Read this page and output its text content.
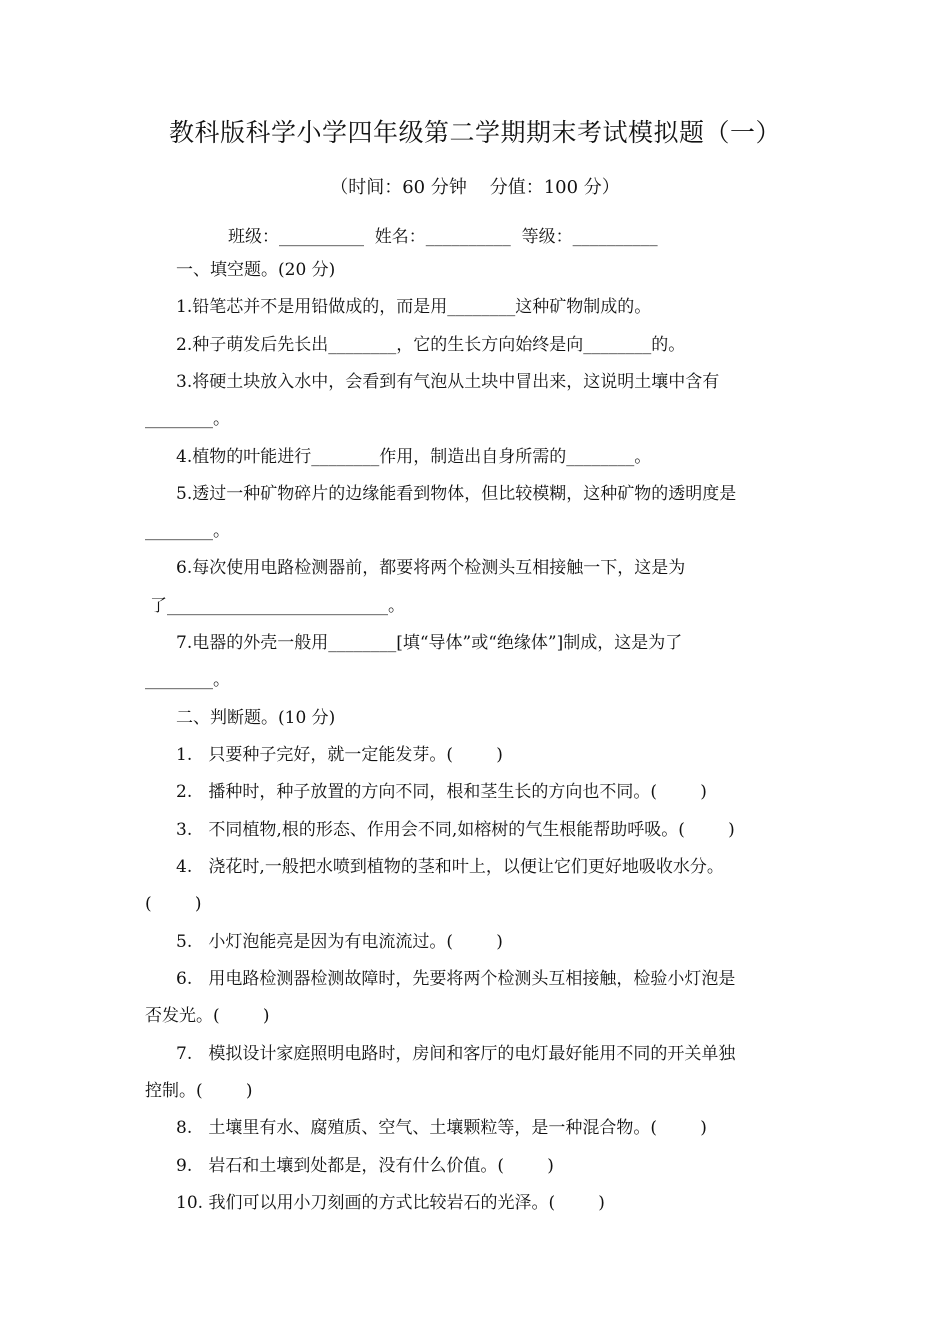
教科版科学小学四年级第二学期期末考试模拟题（一）
（时间：60 分钟    分值：100 分）
班级：__________  姓名：__________  等级：__________
一、填空题。(20 分)
1.铅笔芯并不是用铅做成的，而是用________这种矿物制成的。
2.种子萌发后先长出________，它的生长方向始终是向________的。
3.将硬土块放入水中，会看到有气泡从土块中冒出来，这说明土壤中含有
________。
4.植物的叶能进行________作用，制造出自身所需的________。
5.透过一种矿物碎片的边缘能看到物体，但比较模糊，这种矿物的透明度是
________。
6.每次使用电路检测器前，都要将两个检测头互相接触一下，这是为
了__________________________。
7.电器的外壳一般用________[填“导体”或“绝缘体”]制成，这是为了
________。
二、判断题。(10 分)
1.   只要种子完好，就一定能发芽。(        )
2.   播种时，种子放置的方向不同，根和茎生长的方向也不同。(        )
3.   不同植物,根的形态、作用会不同,如榕树的气生根能帮助呼吸。(        )
4.   浇花时,一般把水喷到植物的茎和叶上，以便让它们更好地吸收水分。
(        )
5.   小灯泡能亮是因为有电流流过。(        )
6.   用电路检测器检测故障时，先要将两个检测头互相接触，检验小灯泡是
否发光。(        )
7.   模拟设计家庭照明电路时，房间和客厅的电灯最好能用不同的开关单独
控制。(        )
8.   土壤里有水、腐殖质、空气、土壤颗粒等，是一种混合物。(        )
9.   岩石和土壤到处都是，没有什么价值。(        )
10. 我们可以用小刀刻画的方式比较岩石的光泽。(        )
